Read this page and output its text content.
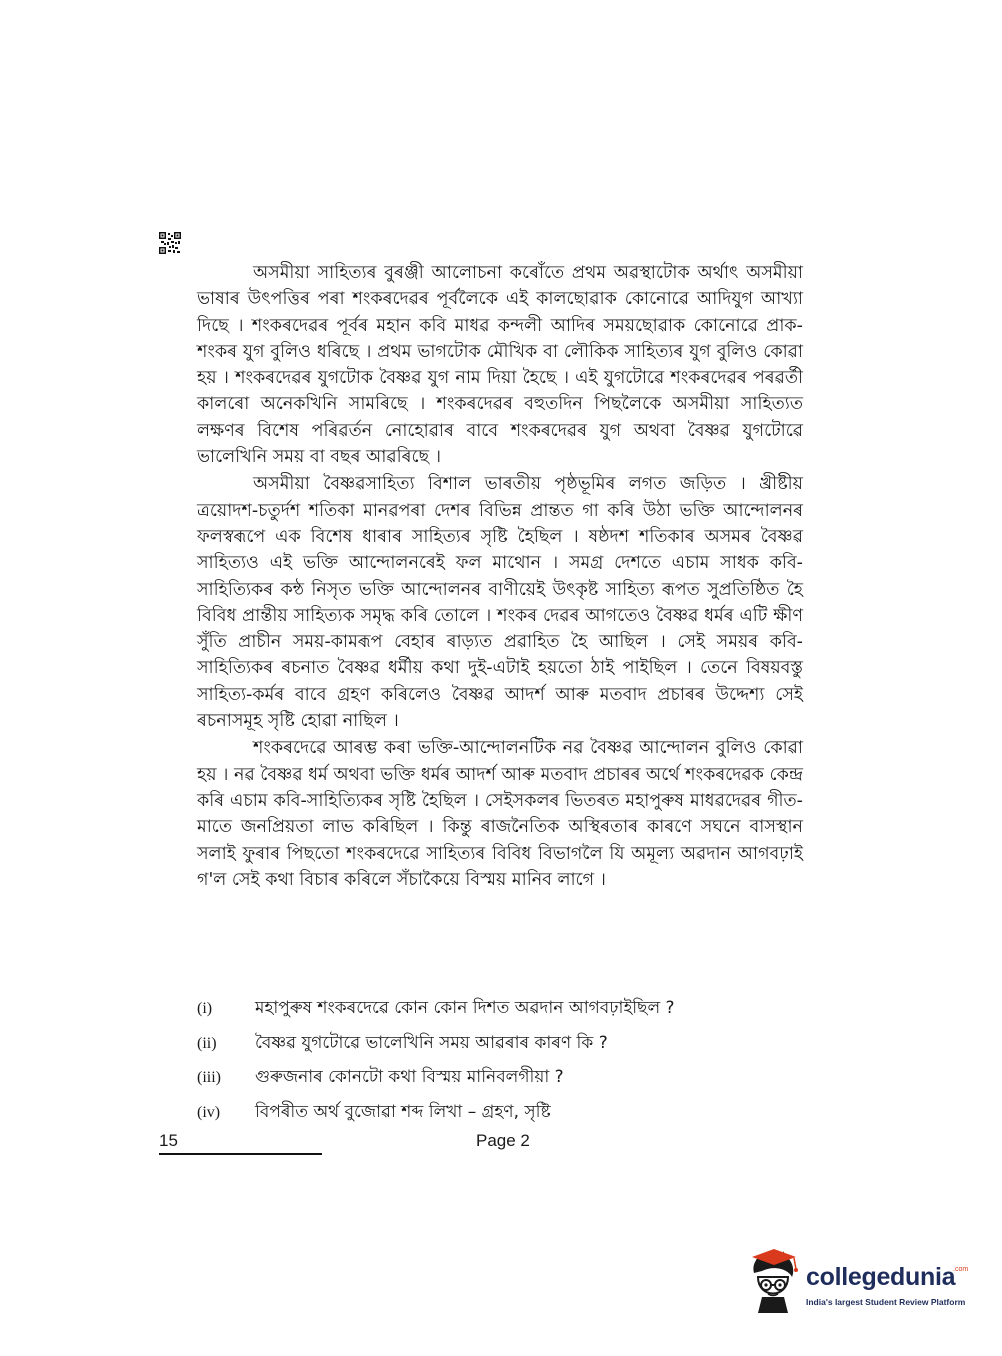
অসমীয়া সাহিত্যৰ বুৰঞ্জী আলোচনা কৰোঁতে প্ৰথম অৱস্থাটোক অৰ্থাৎ অসমীয়া ভাষাৰ উৎপত্তিৰ পৰা শংকৰদেৱৰ পূৰ্বলৈকে এই কালছোৱাক কোনোৱে আদিযুগ আখ্যা দিছে । শংকৰদেৱৰ পূৰ্বৰ মহান কবি মাধৱ কন্দলী আদিৰ সময়ছোৱাক কোনোৱে প্ৰাক-শংকৰ যুগ বুলিও ধৰিছে । প্ৰথম ভাগটোক মৌখিক বা লৌকিক সাহিত্যৰ যুগ বুলিও কোৱা হয় । শংকৰদেৱৰ যুগটোক বৈষ্ণৱ যুগ নাম দিয়া হৈছে । এই যুগটোৱে শংকৰদেৱৰ পৰৱৰ্তী কালৰো অনেকখিনি সামৰিছে । শংকৰদেৱৰ বহুতদিন পিছলৈকে অসমীয়া সাহিত্যত লক্ষণৰ বিশেষ পৰিৱৰ্তন নোহোৱাৰ বাবে শংকৰদেৱৰ যুগ অথবা বৈষ্ণৱ যুগটোৱে ভালেখিনি সময় বা বছৰ আৱৰিছে ।

অসমীয়া বৈষ্ণৱসাহিত্য বিশাল ভাৰতীয় পৃষ্ঠভূমিৰ লগত জড়িত । খ্ৰীষ্টীয় ত্ৰয়োদশ-চতুৰ্দশ শতিকা মানৱপৰা দেশৰ বিভিন্ন প্ৰান্তত গা কৰি উঠা ভক্তি আন্দোলনৰ ফলস্বৰূপে এক বিশেষ ধাৰাৰ সাহিত্যৰ সৃষ্টি হৈছিল । ষষ্ঠদশ শতিকাৰ অসমৰ বৈষ্ণৱ সাহিত্যও এই ভক্তি আন্দোলনৰেই ফল মাথোন । সমগ্ৰ দেশতে এচাম সাধক কবি-সাহিত্যিকৰ কন্ঠ নিসৃত ভক্তি আন্দোলনৰ বাণীয়েই উৎকৃষ্ট সাহিত্য ৰূপত সুপ্ৰতিষ্ঠিত হৈ বিবিধ প্ৰান্তীয় সাহিত্যক সমৃদ্ধ কৰি তোলে । শংকৰ দেৱৰ আগতেও বৈষ্ণৱ ধৰ্মৰ এটি ক্ষীণ সুঁতি প্ৰাচীন সময়-কামৰূপ বেহাৰ ৰাড়্যত প্ৰৱাহিত হৈ আছিল । সেই সময়ৰ কবি-সাহিত্যিকৰ ৰচনাত বৈষ্ণৱ ধৰ্মীয় কথা দুই-এটাই হয়তো ঠাই পাইছিল । তেনে বিষয়বস্তু সাহিত্য-কৰ্মৰ বাবে গ্ৰহণ কৰিলেও বৈষ্ণৱ আদৰ্শ আৰু মতবাদ প্ৰচাৰৰ উদ্দেশ্য সেই ৰচনাসমূহ সৃষ্টি হোৱা নাছিল ।

শংকৰদেৱে আৰম্ভ কৰা ভক্তি-আন্দোলনটিক নৱ বৈষ্ণৱ আন্দোলন বুলিও কোৱা হয় । নৱ বৈষ্ণৱ ধৰ্ম অথবা ভক্তি ধৰ্মৰ আদৰ্শ আৰু মতবাদ প্ৰচাৰৰ অৰ্থে শংকৰদেৱক কেন্দ্ৰ কৰি এচাম কবি-সাহিত্যিকৰ সৃষ্টি হৈছিল । সেইসকলৰ ভিতৰত মহাপুৰুষ মাধৱদেৱৰ গীত-মাতে জনপ্ৰিয়তা লাভ কৰিছিল । কিন্তু ৰাজনৈতিক অস্থিৰতাৰ কাৰণে সঘনে বাসস্থান সলাই ফুৰাৰ পিছতো শংকৰদেৱে সাহিত্যৰ বিবিধ বিভাগলৈ যি অমূল্য অৱদান আগবঢ়াই গ'ল সেই কথা বিচাৰ কৰিলে সঁচাকৈয়ে বিস্ময় মানিব লাগে ।

(i)	মহাপুৰুষ শংকৰদেৱে কোন কোন দিশত অৱদান আগবঢ়াইছিল ?
(ii)	বৈষ্ণৱ যুগটোৱে ভালেখিনি সময় আৱৰাৰ কাৰণ কি ?
(iii)	গুৰুজনাৰ কোনটো কথা বিস্ময় মানিবলগীয়া ?
(iv)	বিপৰীত অৰ্থ বুজোৱা শব্দ লিখা – গ্ৰহণ, সৃষ্টি
15	Page 2
collegedunia
.com
India's largest Student Review Platform
